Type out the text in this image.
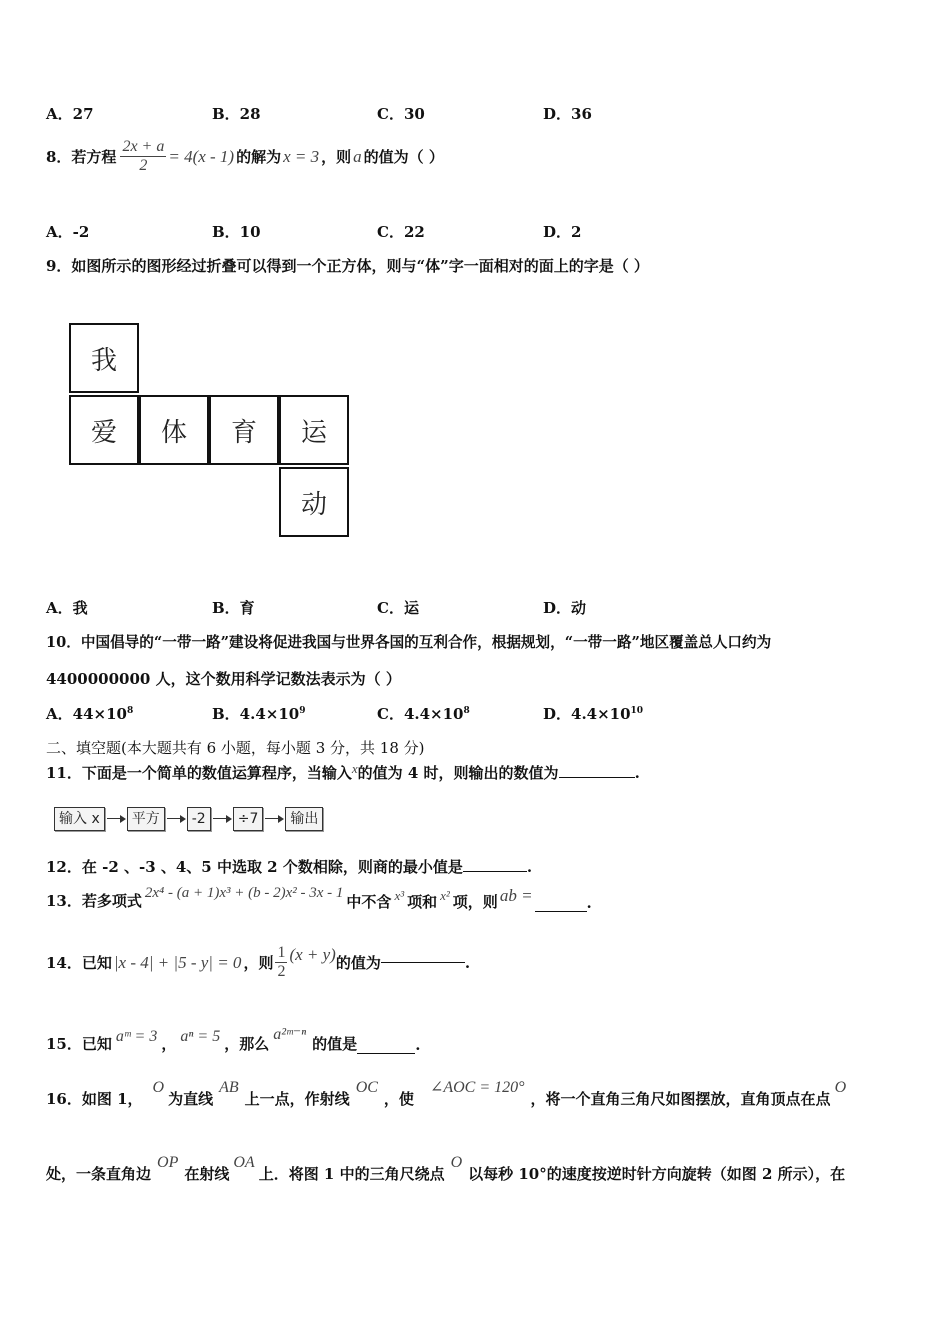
A．27	B．28	C．30	D．36
8．若方程 $\frac{2x + a}{2} = 4(x - 1)$ 的解为 x = 3 ，则 a 的值为（ ）
A．-2	B．10	C．22	D．2
9．如图所示的图形经过折叠可以得到一个正方体，则与“体”字一面相对的面上的字是（ ）
我
爱	体	育	运
动
A．我	B．育	C．运	D．动
10．中国倡导的“一带一路”建设将促进我国与世界各国的互利合作，根据规划，“一带一路”地区覆盖总人口约为
4400000000 人，这个数用科学记数法表示为（ ）
A．$44\times 10^8$	B．$4.4\times 10^9$	C．$4.4\times 10^8$	D．$4.4\times 10^{10}$
二、填空题(本大题共有 6 小题，每小题 3 分，共 18 分)
11．下面是一个简单的数值运算程序，当输入x的值为 4 时，则输出的数值为	.
输入 x	平方	-2	÷7	输出
12．在 -2 、-3 、4、5 中选取 2 个数相除，则商的最小值是	.
13．若多项式 2x⁴ - (a + 1)x³ + (b - 2)x² - 3x - 1 中不含 x³ 项和 x² 项，则 ab =	.
14．已知 |x - 4| + |5 - y| = 0 ，则 $\frac{1}{2} (x + y)$ 的值为	.
15．已知 aᵐ = 3 ， aⁿ = 5 ，那么
a²ᵐ⁻ⁿ
的值是	.
16．如图 1，
O
为直线
AB
上一点，作射线
OC
，使
∠AOC = 120°
，将一个直角三角尺如图摆放，直角顶点在点
O
处，一条直角边
OP
在射线
OA
上．将图 1 中的三角尺绕点
O
以每秒 10°的速度按逆时针方向旋转（如图 2 所示），在
